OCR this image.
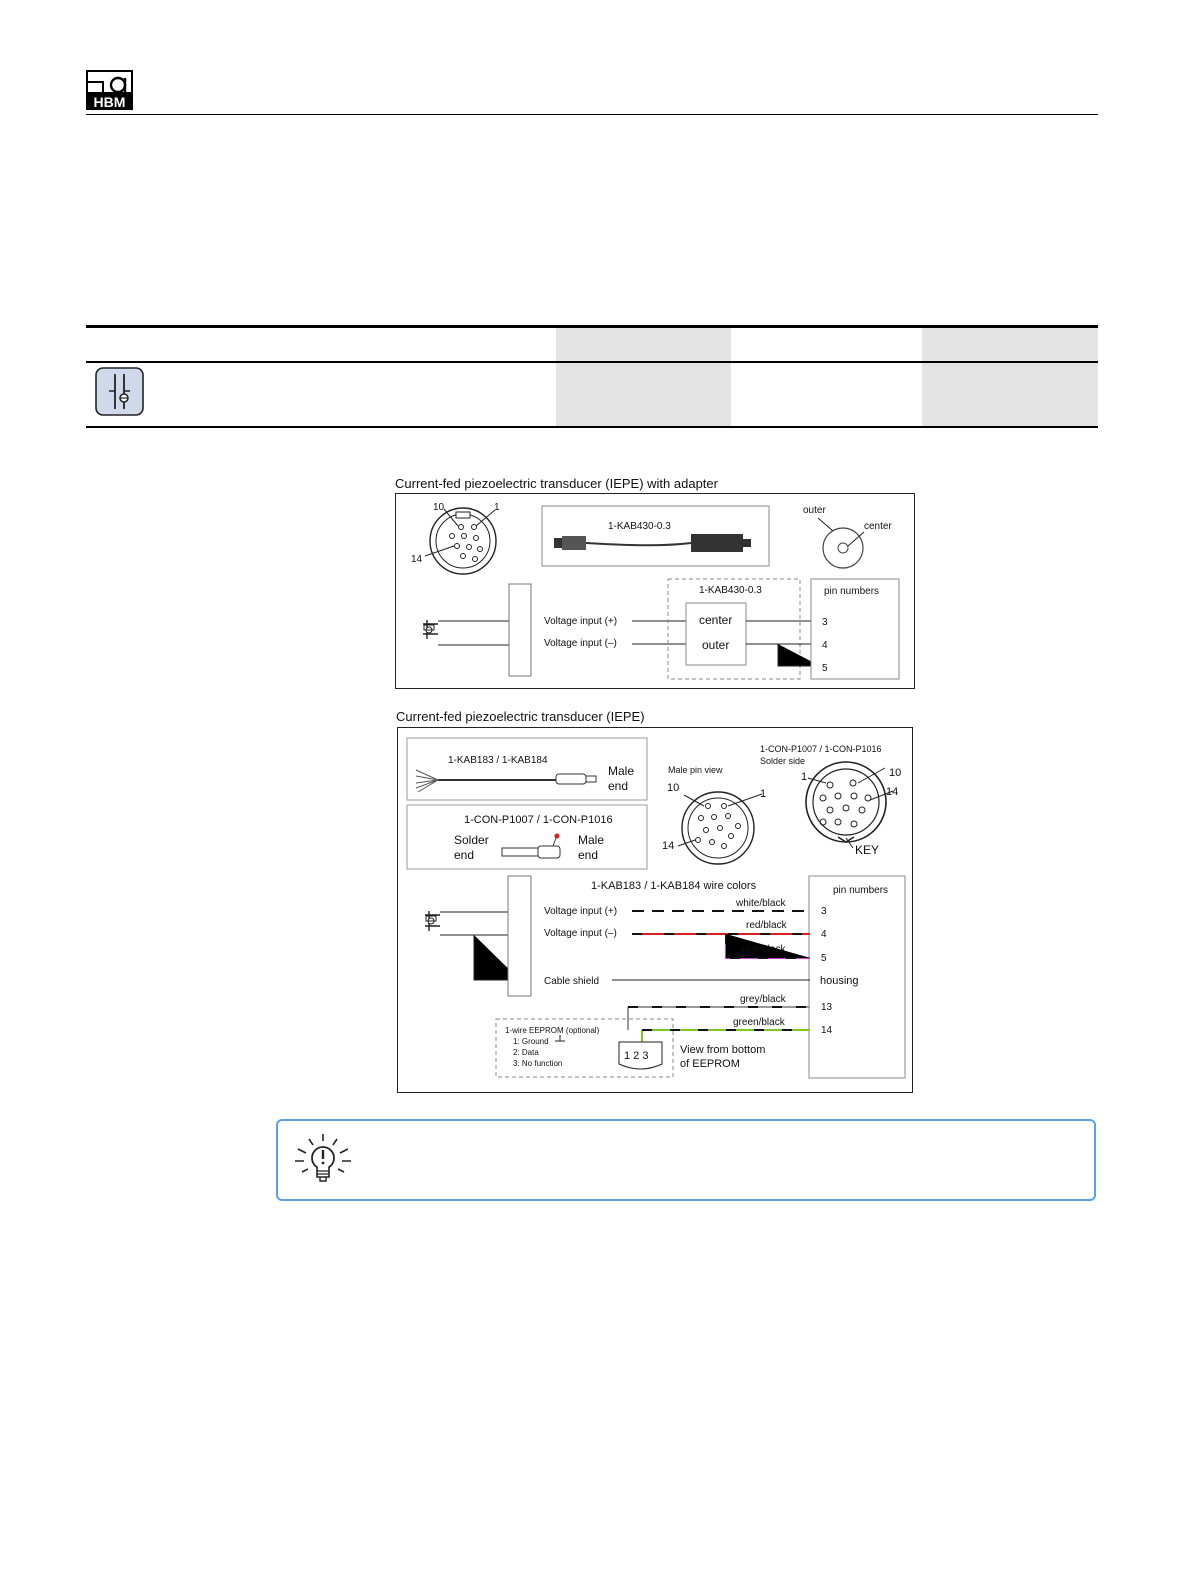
HBM
Current-fed piezoelectric transducer (IEPE) with adapter
10	1
14
1-KAB430-0.3
outer
center
Voltage input (+)
Voltage input (–)
1-KAB430-0.3
center
outer
pin numbers
3
4
5
Current-fed piezoelectric transducer (IEPE)
1-KAB183 / 1-KAB184
Male
end
1-CON-P1007 / 1-CON-P1016
Solder
end
Male
end
Male pin view
10	1
14
1-CON-P1007 / 1-CON-P1016
Solder side
1	10
14
KEY
1-KAB183 / 1-KAB184 wire colors	pin numbers
Voltage input (+)
Voltage input (–)
Cable shield
white/black
red/black
pink/black
grey/black
green/black
3
4
5
housing
13
14
1-wire EEPROM (optional)
1: Ground
2: Data
3: No function
1 2 3	View from bottom
of EEPROM
